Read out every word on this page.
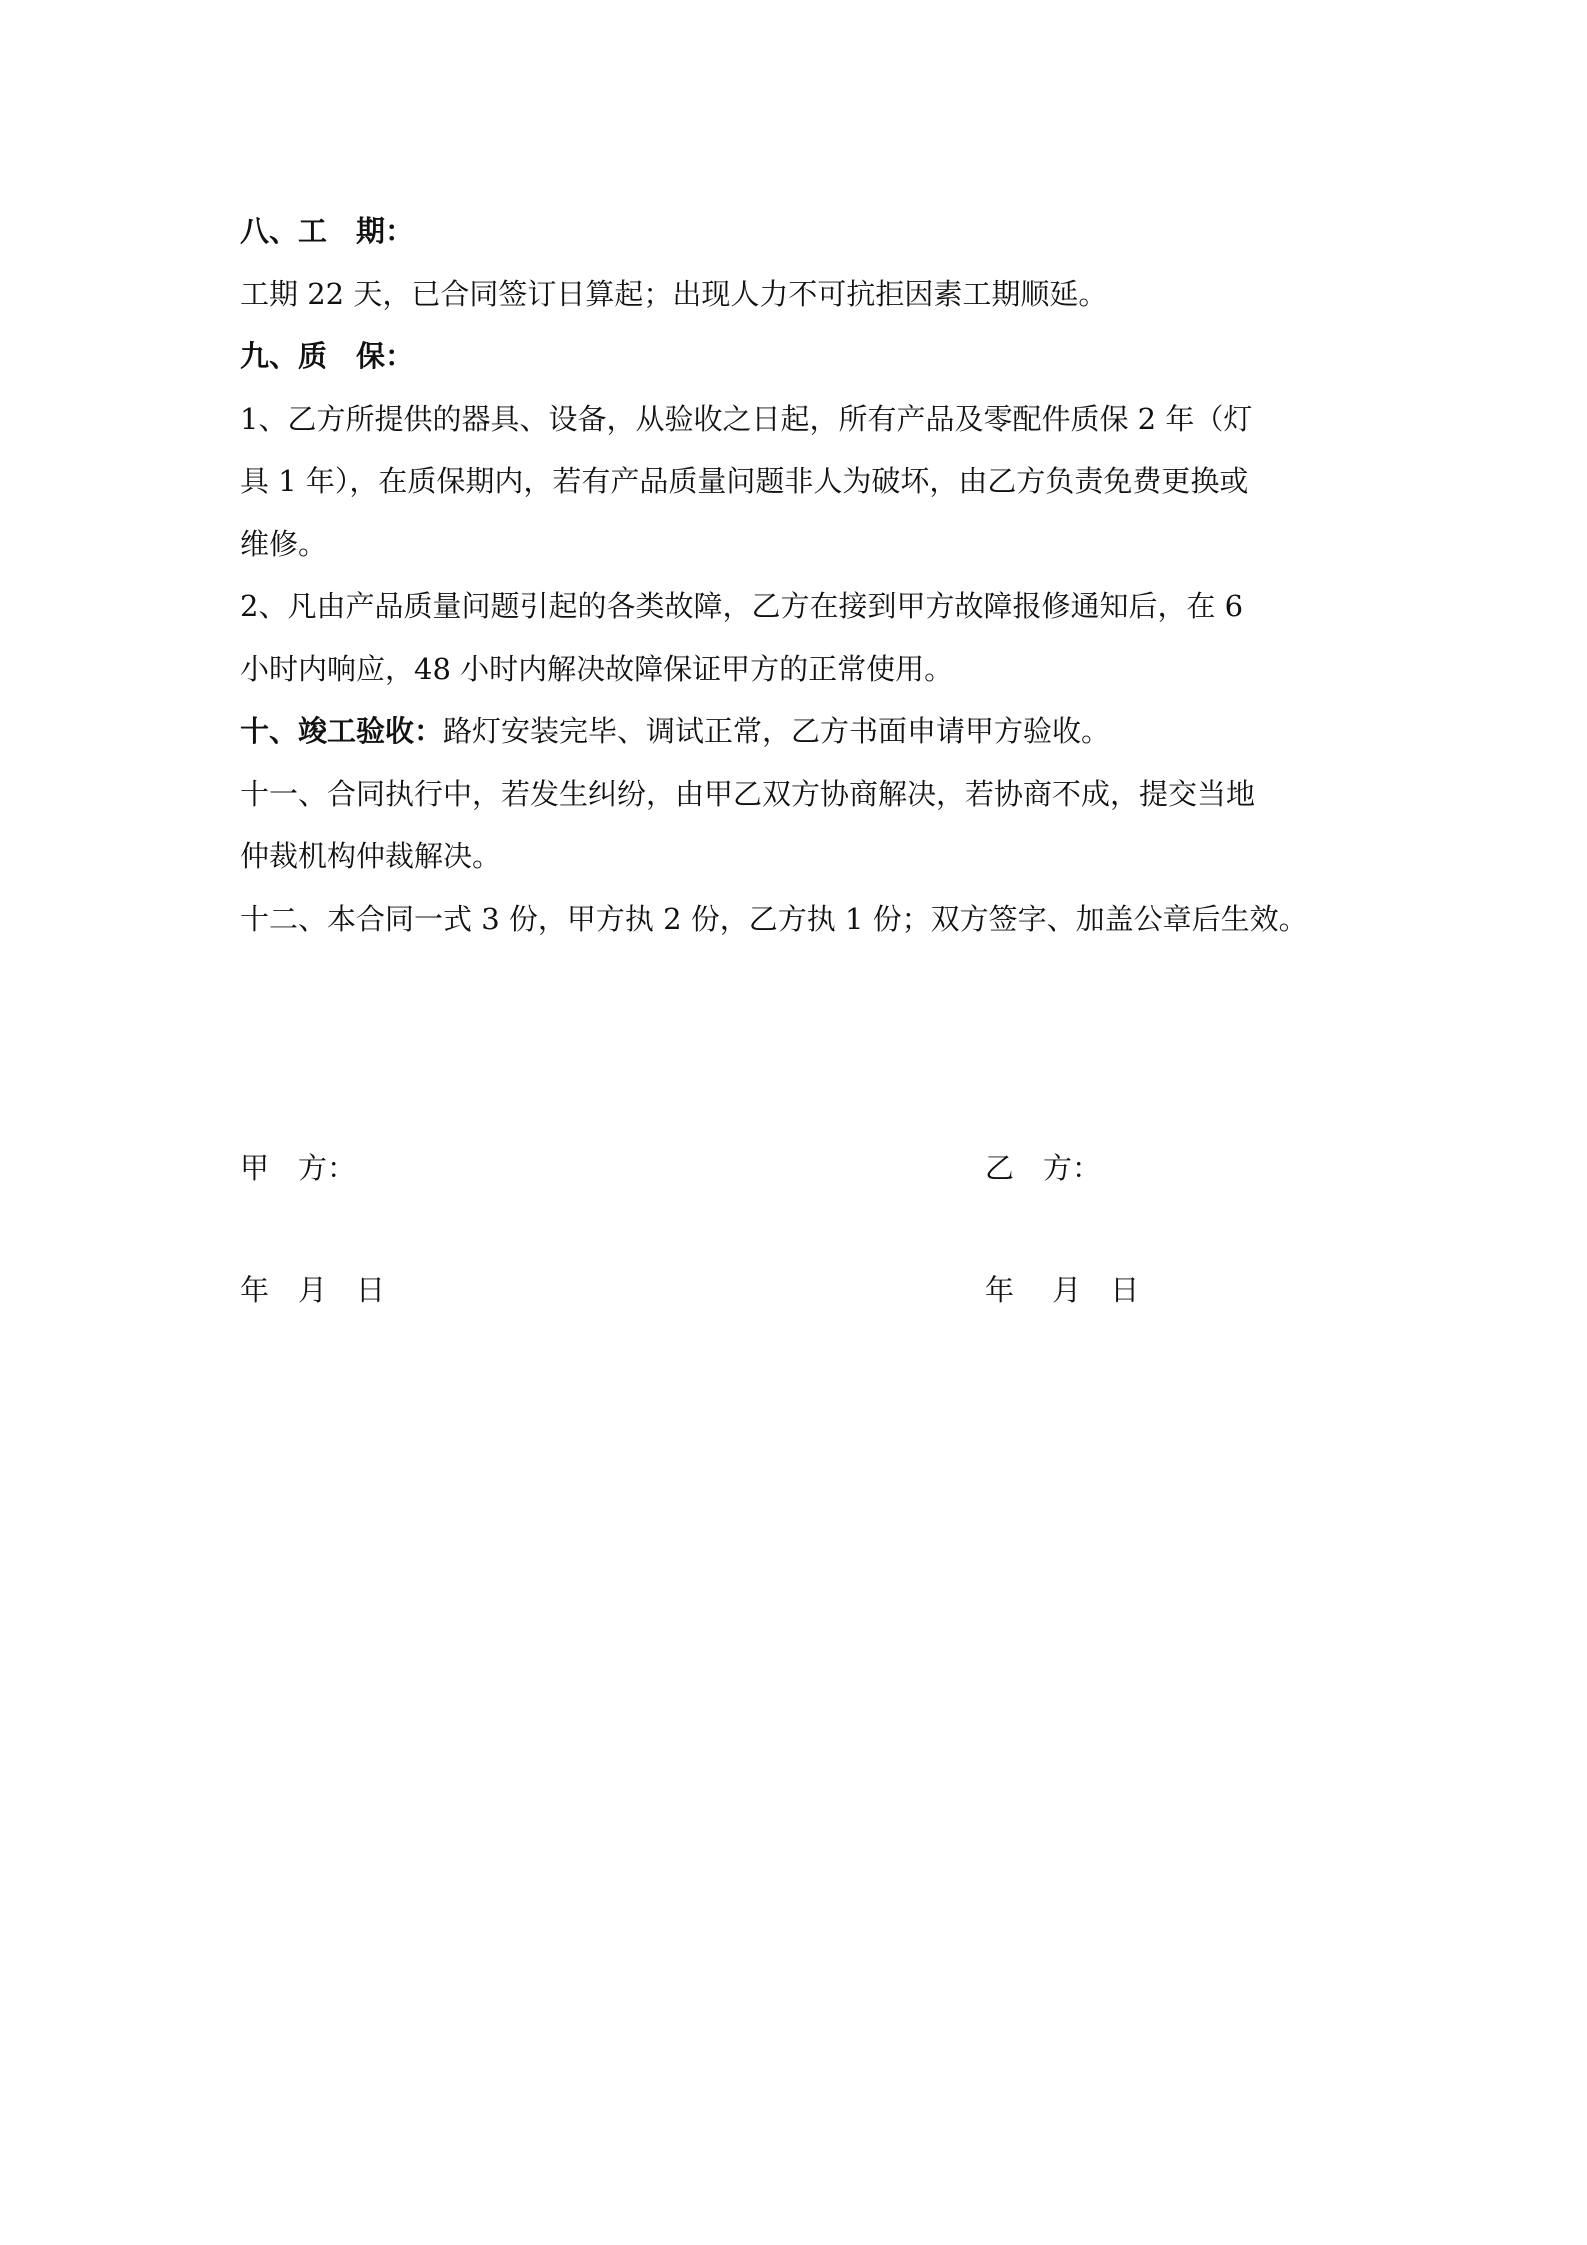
八、工　期：
工期 22 天，已合同签订日算起；出现人力不可抗拒因素工期顺延。
九、质　保：
1、乙方所提供的器具、设备，从验收之日起，所有产品及零配件质保 2 年（灯
具 1 年），在质保期内，若有产品质量问题非人为破坏，由乙方负责免费更换或
维修。
2、凡由产品质量问题引起的各类故障，乙方在接到甲方故障报修通知后，在 6
小时内响应，48 小时内解决故障保证甲方的正常使用。
十、竣工验收：路灯安装完毕、调试正常，乙方书面申请甲方验收。
十一、合同执行中，若发生纠纷，由甲乙双方协商解决，若协商不成，提交当地
仲裁机构仲裁解决。
十二、本合同一式 3 份，甲方执 2 份，乙方执 1 份；双方签字、加盖公章后生效。
甲　方：	乙　方：
年　月　日	年　 月　日
